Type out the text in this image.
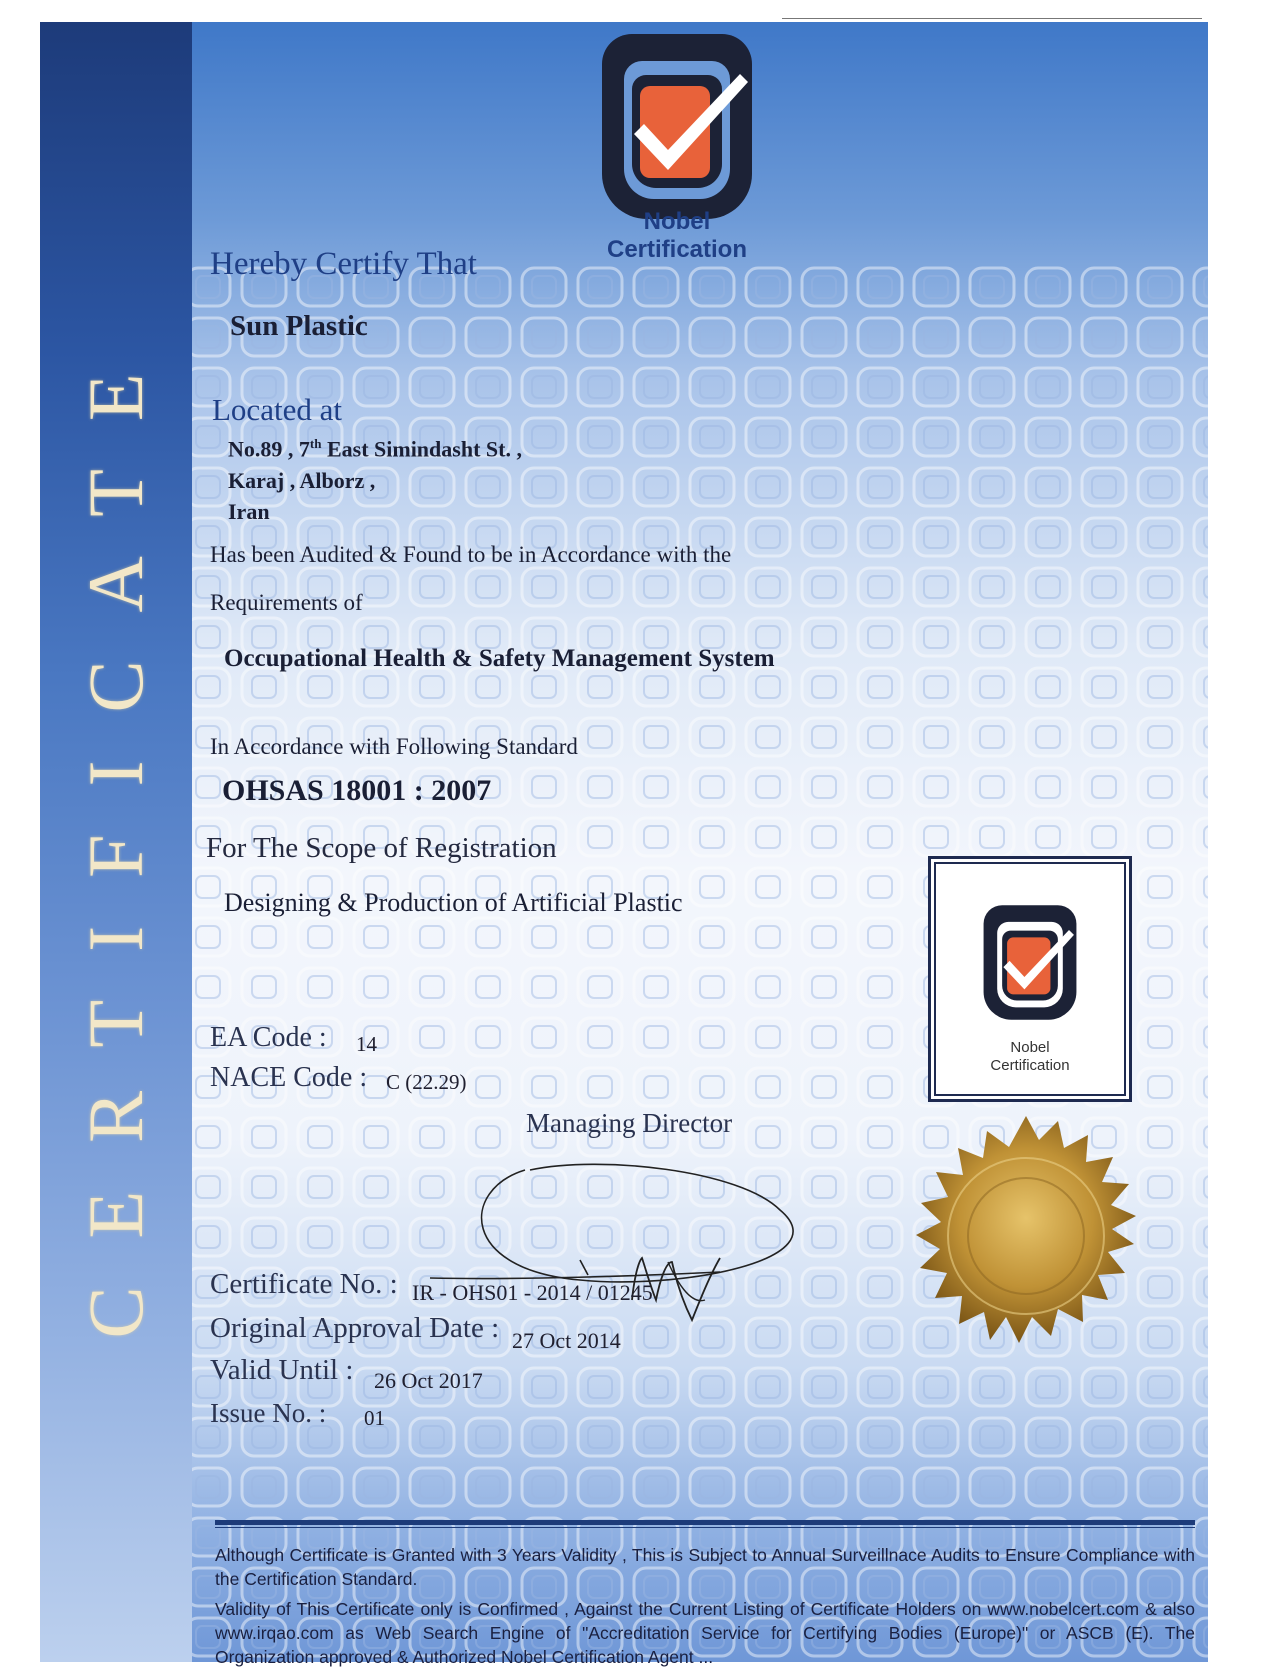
CERTIFICATE
Nobel
Certification
Hereby Certify That
Sun Plastic
Located at
No.89 , 7th East Simindasht St. ,
Karaj , Alborz ,
Iran
Has been Audited & Found to be in Accordance with the
Requirements of
Occupational Health & Safety Management System
In Accordance with Following Standard
OHSAS 18001 : 2007
For The Scope of Registration
Designing & Production of Artificial Plastic
EA Code : 14
NACE Code : C (22.29)
Managing Director
Certificate No. : IR - OHS01 - 2014 / 01245
Original Approval Date : 27 Oct 2014
Valid Until : 26 Oct 2017
Issue No. : 01
Nobel
Certification
Although Certificate is Granted with 3 Years Validity , This is Subject to Annual Surveillnace Audits to Ensure Compliance with the Certification Standard.
Validity of This Certificate only is Confirmed , Against the Current Listing of Certificate Holders on www.nobelcert.com & also www.irqao.com as Web Search Engine of "Accreditation Service for Certifying Bodies (Europe)" or ASCB (E). The Organization approved & Authorized Nobel Certification Agent ...
